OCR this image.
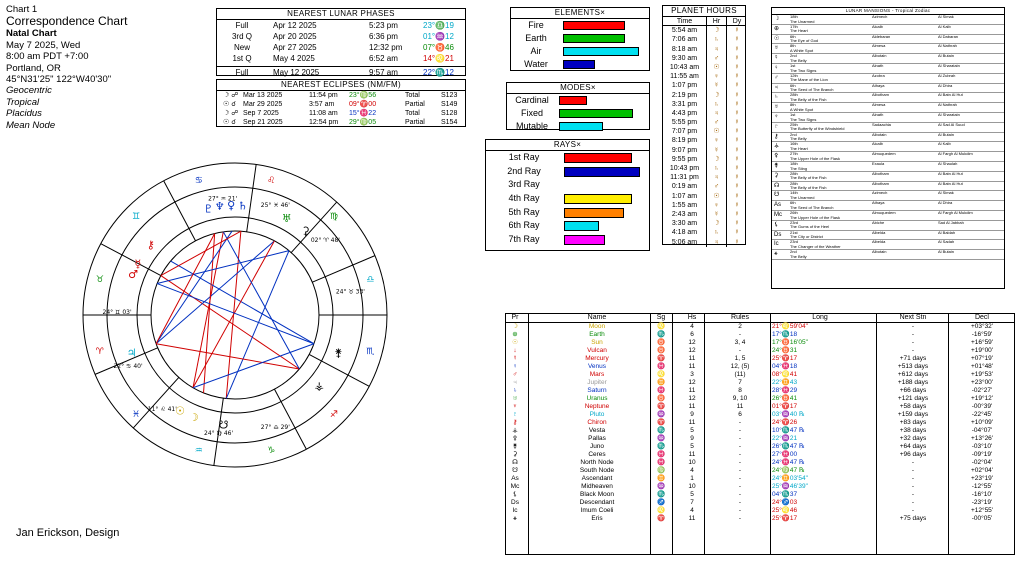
Chart 1
Correspondence Chart
Natal Chart
May 7 2025, Wed
8:00 am PDT +7:00
Portland, OR
45°N31'25" 122°W40'30"
Geocentric
Tropical
Placidus
Mean Node
NEAREST LUNAR PHASES
Full	Apr 12 2025	5:23 pm	23°♎19
3rd Q	Apr 20 2025	6:36 pm	01°♒12
New	Apr 27 2025	12:32 pm	07°♉46
1st Q	May 4 2025	6:52 am	14°♌21
Full	May 12 2025	9:57 am	22°♏12
NEAREST ECLIPSES (NM/FM)
☽ ☍ Mar 13 2025	11:54 pm 23°♍56	Total	S123
☉ ☌ Mar 29 2025	3:57 am 09°♈00	Partial S149
☽ ☍ Sep 7 2025	11:08 am 15°♓22	Total	S128
☉ ☌ Sep 21 2025	12:54 pm 29°♍05	Partial S154
ELEMENTS×
Fire
Earth
Air
Water
MODES×
Cardinal
Fixed
Mutable
RAYS×
1st Ray
2nd Ray
3rd Ray
4th Ray
5th Ray
6th Ray
7th Ray
PLANET HOURS
Time	Hr	Dy
5:54 am	☽	☿
7:06 am	♄	☿
8:18 am	♃	☿
9:30 am	♂	☿
10:43 am	☉	☿
11:55 am	♀	☿
1:07 pm	☿	☿
2:19 pm	☽	☿
3:31 pm	♄	☿
4:43 pm	♃	☿
5:55 pm	♂	☿
7:07 pm	☉	☿
8:19 pm	♀	☿
9:07 pm	☿	☿
9:55 pm	☽	☿
10:43 pm	♄	☿
11:31 pm	♃	☿
0:19 am	♂	☿
1:07 am	☉	☿
1:55 am	♀	☿
2:43 am	☿	☿
3:30 am	☽	☿
4:18 am	♄	☿
5:06 am	♃	☿
LUNAR MANSIONS - Tropical Zodiac
☽	18th
The Unarmed
Azimech	Al Simak
⊕	17th
The Heart
Alcalb	Al Kalb
☉	6th
The Eye of God
Aldebaran	Al Dabaran
♅	8th
A White Spot
Almesa	Al Nathrah
☿	2nd
The Belly
Albotain	Al Butain
♀	1st
The Two Signs
Alnath	Al Sharatain
♂	12th
The Mane of the Lion
Azobra	Al Zubrah
♃	6th
The Seed of The Branch
Athaya	Al Dhira
♄	28th
The Belly of the Fish
Albotham	Al Batn Al Hut
♅	8th
A White Spot
Almesa	Al Nathrah
♆	1st
The Two Signs
Alnath	Al Sharatain
♇	25th
The Butterfly of the Windshield
Sadaachia	Al Sad Al Suud
⚷	2nd
The Belly
Albotain	Al Butain
⚶	16th
The Heart
Alcalb	Al Kalb
⚴	27th
The Upper Hole of the Flask
Almuquedem	Al Fargh Al Mukdim
⚵	18th
The Sting
Exaula	Al Shaulah
⚳	28th
The Belly of the Fish
Albotham	Al Batn Al Hut
☊	28th
The Belly of the Fish
Albotham	Al Batn Al Hut
☋	14th
The Unarmed
Azimech	Al Simak
As 6th
The Seed of The Branch
Athaya	Al Dhira
Mc 26th
The Upper Hole of the Flask
Almuquedem	Al Fargh Al Mukdim
⚸	23rd
The Gums of the Heel
Abiche	Sad Al Jabbah
Ds 21st
The City or District
Albelda	Al Baldah
Ic	23rd
The Changer of the Weather
Albelda	Al Sadah
⚹	2nd
The Belly
Albotain	Al Butain
Pr	Name	Sg	Hs	Rules	Long	Next Stn	Decl
☽	Moon	♌	4	2	21°♌59'04"	-	+03°32'
⊕	Earth	♏	6	-	17°♏18	-	-16°59'
☉	Sun	♉	12	3, 4	17°♉16'05"	-	+16°59'
↓	Vulcan	♉	12	-	24°♉31	-	+19°00'
☿	Mercury	♈	11	1, 5	25°♈17	+71 days	+07°19'
♀	Venus	♓	11	12, (5)	04°♓18	+513 days	+01°48'
♂	Mars	♌	3	(11)	08°♌41	+612 days	+19°53'
♃	Jupiter	♊	12	7	22°♊43	+188 days	+23°00'
♄	Saturn	♓	11	8	28°♓29	+66 days	-02°27'
♅	Uranus	♉	12	9, 10	26°♉41	+121 days	+19°12'
♆	Neptune	♈	11	11	01°♈17	+58 days	-00°39'
♇	Pluto	♒	9	6	03°♒40 ℞	+159 days	-22°45'
⚷	Chiron	♈	11	-	24°♈26	+83 days	+10°09'
⚶	Vesta	♏	5	-	10°♏47 ℞	+38 days	-04°07'
⚴	Pallas	♒	9	-	22°♒21	+32 days	+13°26'
⚵	Juno	♏	5	-	26°♏47 ℞	+64 days	-03°10'
⚳	Ceres	♓	11	-	27°♓00	+96 days	-09°19'
☊	North Node	♓	10	-	24°♓47 ℞	-	-02°04'
☋	South Node	♍	4	-	24°♍47 ℞	-	+02°04'
As	Ascendant	♊	1	-	24°♊03'54"	-	+23°19'
Mc	Midheaven	♒	10	-	25°♒46'39"	-	-12°55'
⚸	Black Moon	♏	5	-	04°♏37	-	-16°10'
Ds	Descendant	♐	7	-	24°♐03	-	-23°19'
Ic	Imum Coeli	♌	4	-	25°♌46	-	+12°55'
⚹	Eris	♈	11	-	25°♈17	+75 days	-00°05'
♈
♉
♊
♋	♌
♍
♎
♏
♐
♑
♒
♓
27° ♒ 21'
25° ♓ 46'
02° ♈ 48'
24° ♉ 33'
24° ♊ 03'
22° ♋ 40'
11° ♌ 41'
24° ♍ 46'
27° ♎ 29'
♆
♇ ♀ ♄
⚷
☿
♂
♃
☉
☽
☋
⚶
⚵
♅
⚳
Jan Erickson, Design
